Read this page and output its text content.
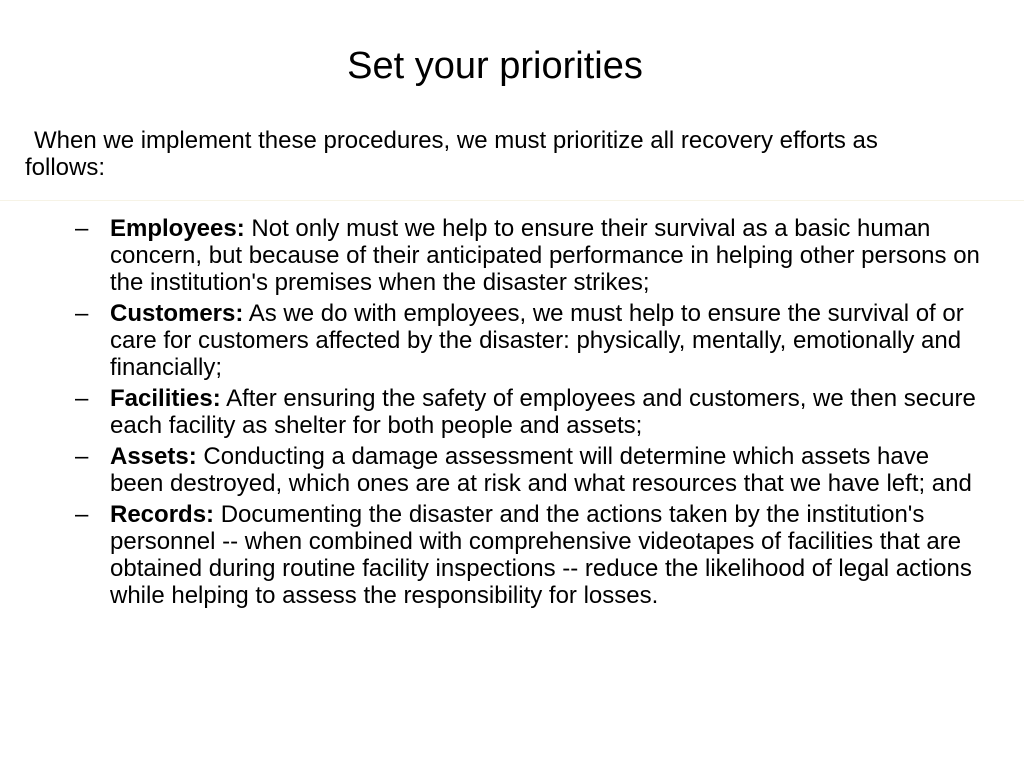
Set your priorities

When we implement these procedures, we must prioritize all recovery efforts as follows:

– Employees: Not only must we help to ensure their survival as a basic human concern, but because of their anticipated performance in helping other persons on the institution's premises when the disaster strikes;
– Customers: As we do with employees, we must help to ensure the survival of or care for customers affected by the disaster: physically, mentally, emotionally and financially;
– Facilities: After ensuring the safety of employees and customers, we then secure each facility as shelter for both people and assets;
– Assets: Conducting a damage assessment will determine which assets have been destroyed, which ones are at risk and what resources that we have left; and
– Records: Documenting the disaster and the actions taken by the institution's personnel -- when combined with comprehensive videotapes of facilities that are obtained during routine facility inspections -- reduce the likelihood of legal actions while helping to assess the responsibility for losses.
